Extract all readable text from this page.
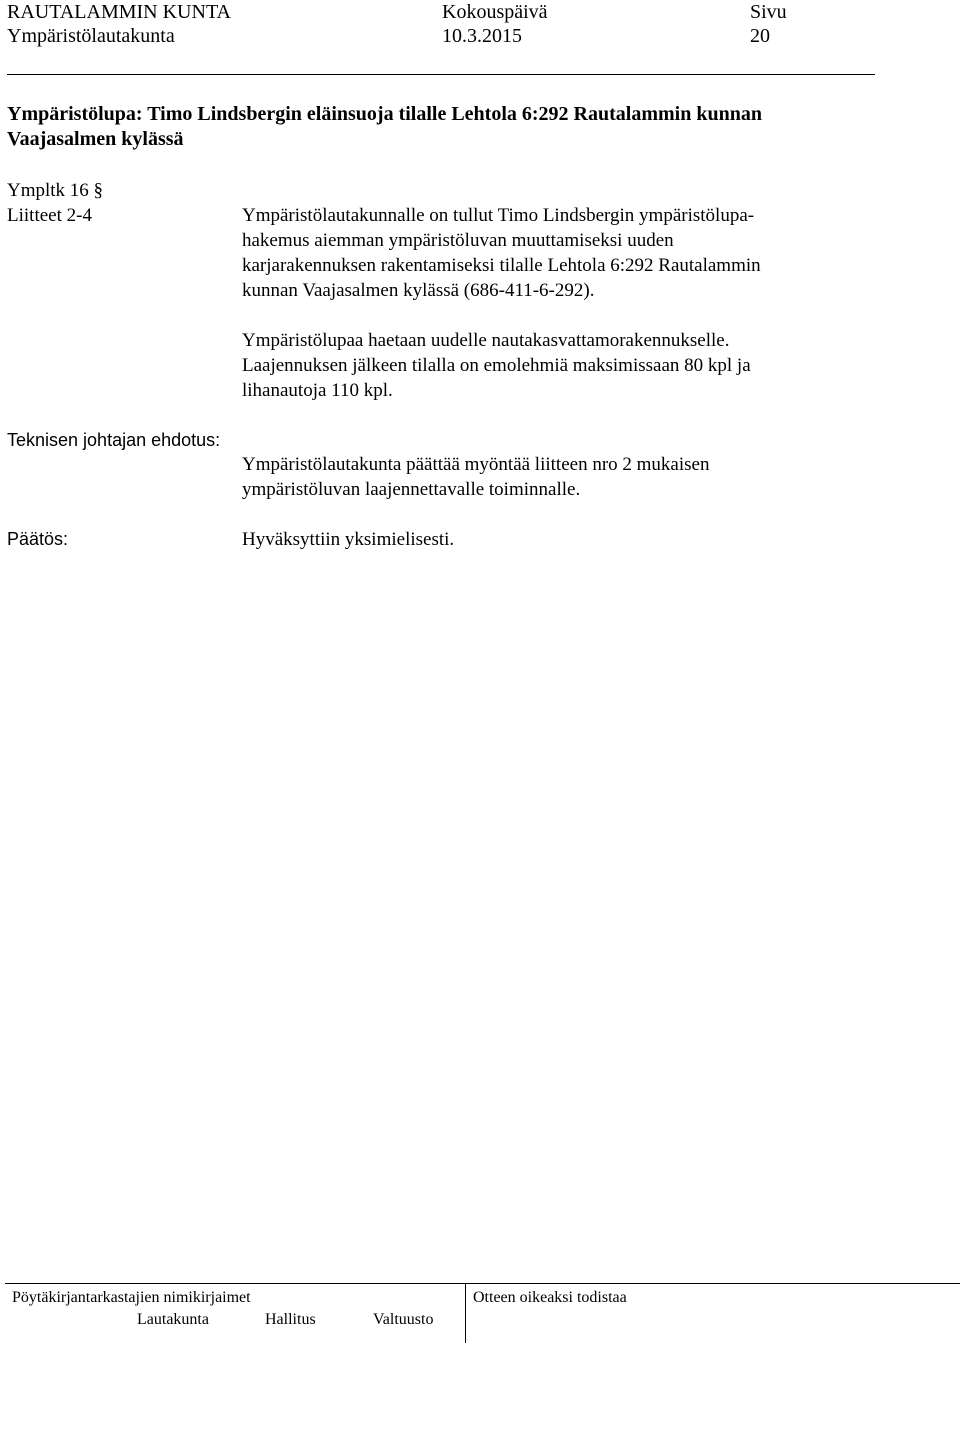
RAUTALAMMIN KUNTA
Ympäristölautakunta
Kokouspäivä
10.3.2015
Sivu
20
Ympäristölupa: Timo Lindsbergin eläinsuoja tilalle Lehtola 6:292 Rautalammin kunnan
Vaajasalmen kylässä
Ympltk 16 §
Liitteet 2-4	Ympäristölautakunnalle on tullut Timo Lindsbergin ympäristölupa-
hakemus aiemman ympäristöluvan muuttamiseksi uuden
karjarakennuksen rakentamiseksi tilalle Lehtola 6:292 Rautalammin
kunnan Vaajasalmen kylässä (686-411-6-292).
Ympäristölupaa haetaan uudelle nautakasvattamorakennukselle.
Laajennuksen jälkeen tilalla on emolehmiä maksimissaan 80 kpl ja
lihanautoja 110 kpl.
Teknisen johtajan ehdotus:
Ympäristölautakunta päättää myöntää liitteen nro 2 mukaisen
ympäristöluvan laajennettavalle toiminnalle.
Päätös:	Hyväksyttiin yksimielisesti.
Pöytäkirjantarkastajien nimikirjaimet
Lautakunta	Hallitus	Valtuusto
Otteen oikeaksi todistaa
